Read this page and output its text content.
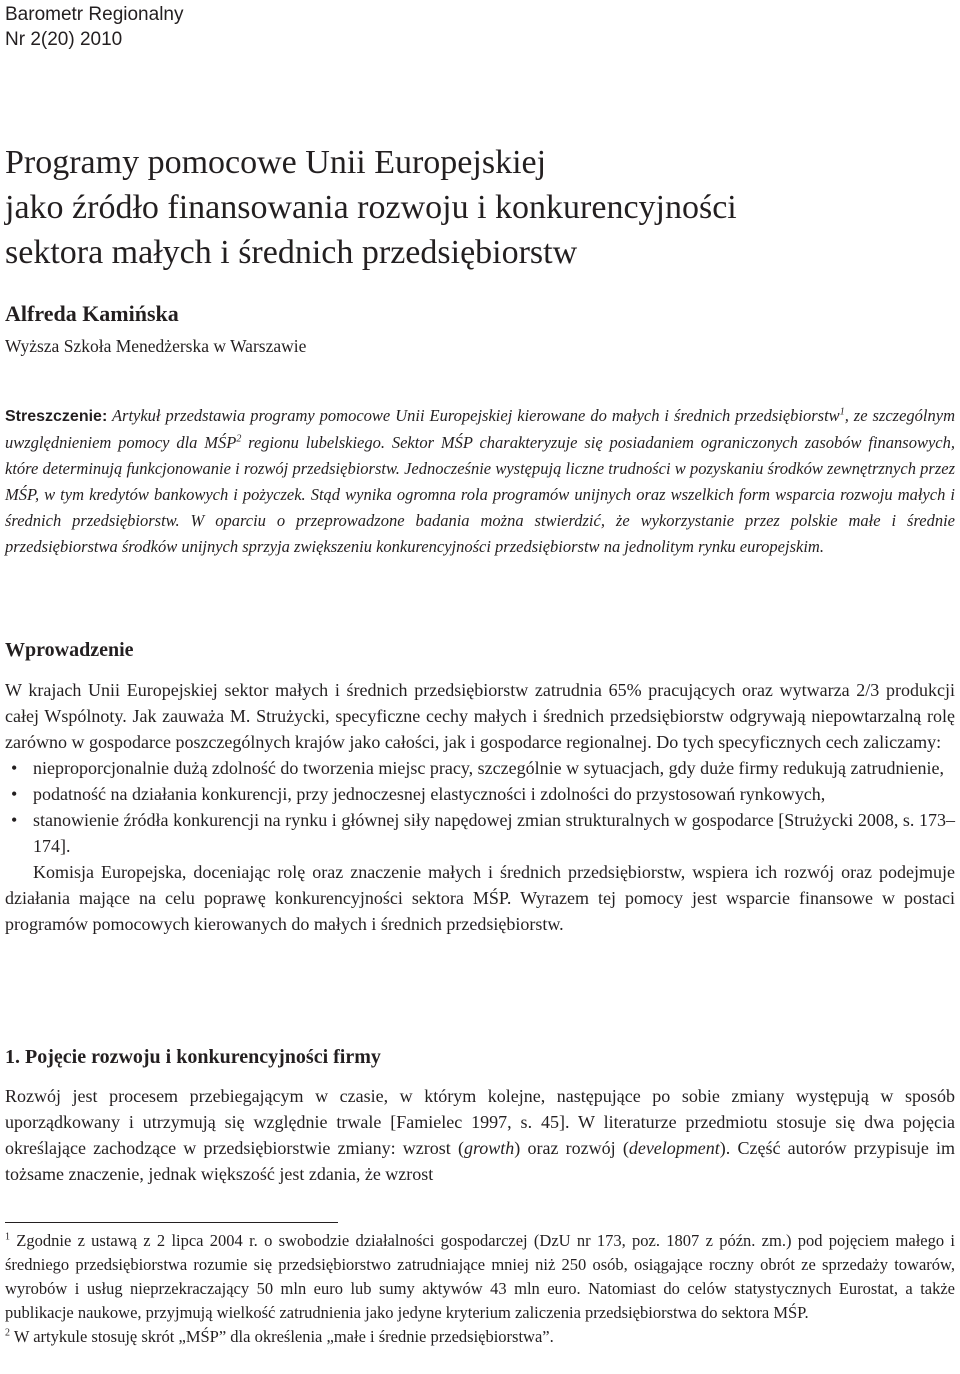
Barometr Regionalny
Nr 2(20) 2010
Programy pomocowe Unii Europejskiej
jako źródło finansowania rozwoju i konkurencyjności
sektora małych i średnich przedsiębiorstw
Alfreda Kamińska
Wyższa Szkoła Menedżerska w Warszawie

Streszczenie: Artykuł przedstawia programy pomocowe Unii Europejskiej kierowane do małych i średnich przedsiębiorstw$^1$, ze szczególnym uwzględnieniem pomocy dla MŚP$^2$ regionu lubelskiego. Sektor MŚP charakteryzuje się posiadaniem ograniczonych zasobów finansowych, które determinują funkcjonowanie i rozwój przedsiębiorstw. Jednocześnie występują liczne trudności w pozyskaniu środków zewnętrznych przez MŚP, w tym kredytów bankowych i pożyczek. Stąd wynika ogromna rola programów unijnych oraz wszelkich form wsparcia rozwoju małych i średnich przedsiębiorstw. W oparciu o przeprowadzone badania można stwierdzić, że wykorzystanie przez polskie małe i średnie przedsiębiorstwa środków unijnych sprzyja zwiększeniu konkurencyjności przedsiębiorstw na jednolitym rynku europejskim.

Wprowadzenie

W krajach Unii Europejskiej sektor małych i średnich przedsiębiorstw zatrudnia 65% pracujących oraz wytwarza 2/3 produkcji całej Wspólnoty. Jak zauważa M. Strużycki, specyficzne cechy małych i średnich przedsiębiorstw odgrywają niepowtarzalną rolę zarówno w gospodarce poszczególnych krajów jako całości, jak i gospodarce regionalnej. Do tych specyficznych cech zaliczamy:

• nieproporcjonalnie dużą zdolność do tworzenia miejsc pracy, szczególnie w sytuacjach, gdy duże firmy redukują zatrudnienie,
• podatność na działania konkurencji, przy jednoczesnej elastyczności i zdolności do przystosowań rynkowych,
• stanowienie źródła konkurencji na rynku i głównej siły napędowej zmian strukturalnych w gospodarce [Strużycki 2008, s. 173–174].

Komisja Europejska, doceniając rolę oraz znaczenie małych i średnich przedsiębiorstw, wspiera ich rozwój oraz podejmuje działania mające na celu poprawę konkurencyjności sektora MŚP. Wyrazem tej pomocy jest wsparcie finansowe w postaci programów pomocowych kierowanych do małych i średnich przedsiębiorstw.

1. Pojęcie rozwoju i konkurencyjności firmy

Rozwój jest procesem przebiegającym w czasie, w którym kolejne, następujące po sobie zmiany występują w sposób uporządkowany i utrzymują się względnie trwale [Famielec 1997, s. 45]. W literaturze przedmiotu stosuje się dwa pojęcia określające zachodzące w przedsiębiorstwie zmiany: wzrost (growth) oraz rozwój (development). Część autorów przypisuje im tożsame znaczenie, jednak większość jest zdania, że wzrost

$^1$ Zgodnie z ustawą z 2 lipca 2004 r. o swobodzie działalności gospodarczej (DzU nr 173, poz. 1807 z późn. zm.) pod pojęciem małego i średniego przedsiębiorstwa rozumie się przedsiębiorstwo zatrudniające mniej niż 250 osób, osiągające roczny obrót ze sprzedaży towarów, wyrobów i usług nieprzekraczający 50 mln euro lub sumy aktywów 43 mln euro. Natomiast do celów statystycznych Eurostat, a także publikacje naukowe, przyjmują wielkość zatrudnienia jako jedyne kryterium zaliczenia przedsiębiorstwa do sektora MŚP.

$^2$ W artykule stosuję skrót „MŚP” dla określenia „małe i średnie przedsiębiorstwa”.
